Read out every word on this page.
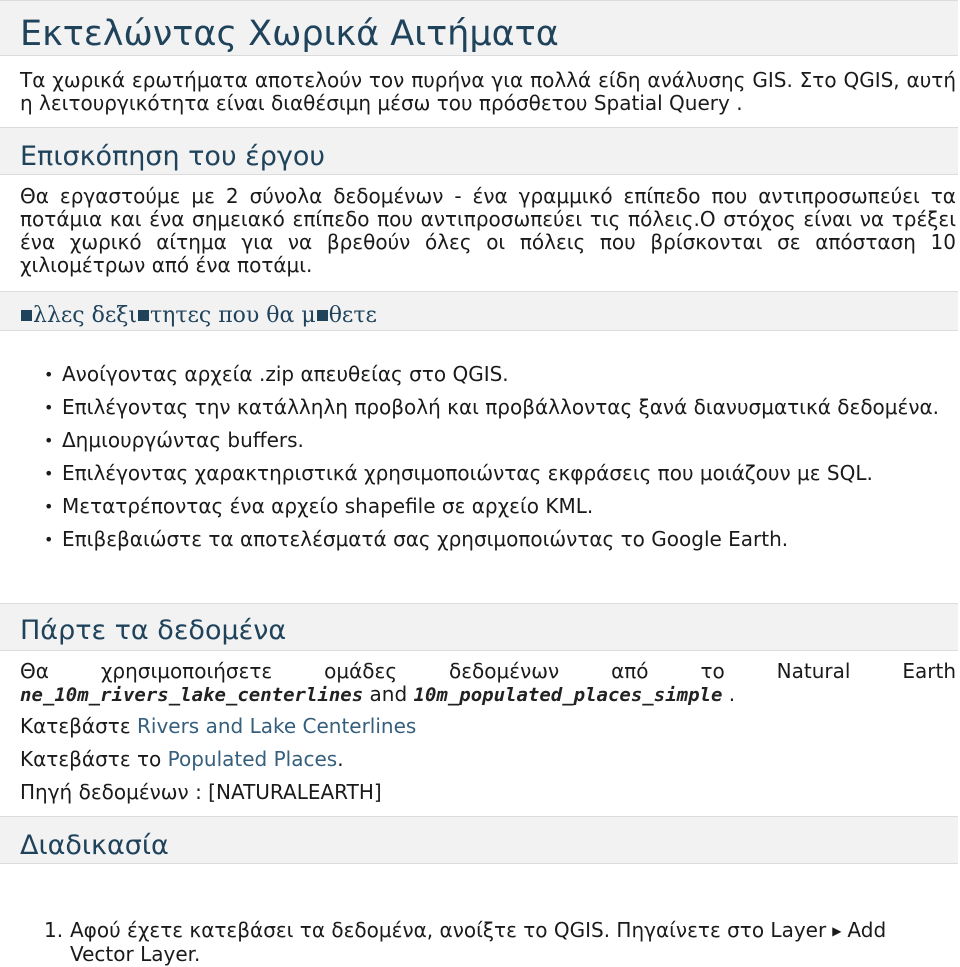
Εκτελώντας Χωρικά Αιτήματα

Τα χωρικά ερωτήματα αποτελούν τον πυρήνα για πολλά είδη ανάλυσης GIS. Στο QGIS, αυτή η λειτουργικότητα είναι διαθέσιμη μέσω του πρόσθετου Spatial Query .

Επισκόπηση του έργου

Θα εργαστούμε με 2 σύνολα δεδομένων - ένα γραμμικό επίπεδο που αντιπροσωπεύει τα ποτάμια και ένα σημειακό επίπεδο που αντιπροσωπεύει τις πόλεις.Ο στόχος είναι να τρέξει ένα χωρικό αίτημα για να βρεθούν όλες οι πόλεις που βρίσκονται σε απόσταση 10 χιλιομέτρων από ένα ποτάμι.

λλες δεξι τητες που θα μ θετε
• Ανοίγοντας αρχεία .zip απευθείας στο QGIS.
• Επιλέγοντας την κατάλληλη προβολή και προβάλλοντας ξανά διανυσματικά δεδομένα.
• Δημιουργώντας buffers.
• Επιλέγοντας χαρακτηριστικά χρησιμοποιώντας εκφράσεις που μοιάζουν με SQL.
• Μετατρέποντας ένα αρχείο shapefile σε αρχείο KML.
• Επιβεβαιώστε τα αποτελέσματά σας χρησιμοποιώντας το Google Earth.
Πάρτε τα δεδομένα

Θα χρησιμοποιήσετε ομάδες δεδομένων από το Natural Earth

ne_10m_rivers_lake_centerlines and 10m_populated_places_simple .

Κατεβάστε Rivers and Lake Centerlines

Κατεβάστε το Populated Places.

Πηγή δεδομένων : [NATURALEARTH]

Διαδικασία
1. Αφού έχετε κατεβάσει τα δεδομένα, ανοίξτε το QGIS. Πηγαίνετε στο Layer ▶ Add Vector Layer.
